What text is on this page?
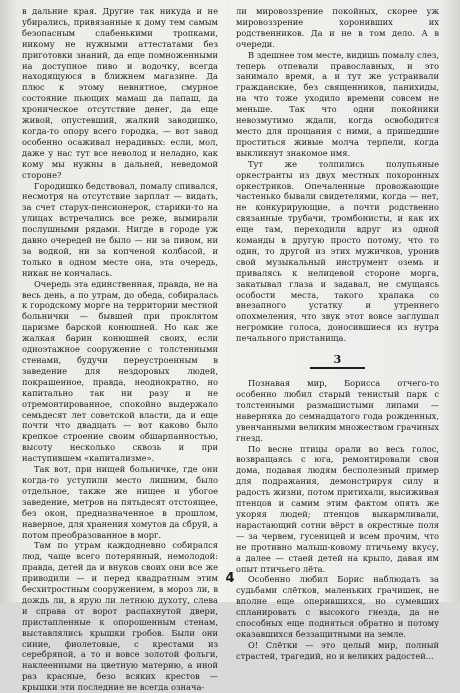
в дальние края. Другие так никуда и не убирались, привязанные к дому тем самым безопасным слабенькими тропками, никому не нужными аттестатами без приготовки знаний, да еще помноженными на доступное пиво и водочку, всегда находящуюся в ближнем магазине. Да плюс к этому невнятное, смурное состояние пьющих мамаш да папаш, да хроническое отсутствие денег, да еще живой, опустевший, жалкий заводишко, когда-то опору всего городка, — вот завод особенно осаживал нерадивых: если, мол, даже у нас тут все неволод и неладно, как кому мы нужны в дальней, неведомой стороне?

Городишко бедствовал, помалу спивался, несмотря на отсутствие зарплат — видать, за счет старух-пенсионерок, старики-то на улицах встречались все реже, вымирали послушными рядами. Нигде в городе уж давно очередей не было — ни за пивом, ни за водкой, ни за копченой колбасой, и только в одном месте она, эта очередь, никак не кончалась.

Очередь эта единственная, правда, не на весь день, а по утрам, до обеда, собиралась к городскому морге на территории местной больнички — бывшей при проклятом царизме барской конюшней. Но как же жалкая барин конюшней своих, если одноэтажное сооружение с толстенными стенами, будучи переустроенным в заведение для нездоровых людей, покрашенное, правда, неоднократно, но капитально так ни разу и не отремонтированное, спокойно выдержало семьдесят лет советской власти, да и еще почти что двадцать — вот каково было крепкое строение своим обшарпанностью, высоту несколько сквозь и при наступившем «капитализме».

Так вот, при нищей больничке, где они когда-то уступили место лишним, было отдельное, также же нищее и убогое заведение, метров на пятьдесят отстоящее, без окон, предназначенное в прошлом, наверное, для хранения хомутов да сбруй, а потом преобразованное в морг.

Там по утрам каждодневно собирался люд, чаще всего потерянный, немолодой: правда, детей да и внуков своих они все же приводили — и перед квадратным этим бесхитростным сооружением, в мороз ли, в дождь ли, в ярую ли летнюю духоту, слева и справа от ворот распахнутой двери, пристапленные к опорошенным стенам, выставлялись крышки гробов. Были они синие, фиолетовые, с крестами из серебряной, а то и вовсе золотой фольги, наклеенными на цветную материю, а иной раз красные, безо всяких крестов — крышки эти последние не всегда означа-

ли мировоззрение покойных, скорее уж мировоззрение хоронивших их родственников. Да и не в том дело. А в очереди.

В здешнее том месте, видишь помалу слез, теперь отпевали православных, и это занимало время, а и тут же устраивали гражданские, без священников, панихиды, на что тоже уходило времени совсем не меньше. Так что одни покойники невозмутимо ждали, когда освободится место для прощания с ними, а пришедшие проститься живые молча терпели, когда выкликнут знакомое имя.

Тут же толпились полупьяные оркестранты из двух местных похоронных оркестриков. Опечаленные провожающие частенько бывали свидетелями, когда — нет, не конкурирующие, а почти родственно связанные трубачи, тромбонисты, и как их еще там, переходили вдруг из одной команды в другую просто потому, что то один, то другой из этих мужичков, уронив свой музыкальный инструмент оземь и привалясь к нелицевой стороне морга, закатывал глаза и задавал, не смущаясь особости места, такого храпака со внезапного устатку и утреннего опохмеления, что звук этот вовсе заглушал негромкие голоса, доносившиеся из нутра печального пристанища.

3

Познавая мир, Борисса отчего-то особенно любил старый тенистый парк с толстенными размашистыми липами — наверняка до семнадцатого года рожденных, увенчанными великим множеством грачиных гнезд.

По весне птицы орали во весь голос, возвращаясь с юга, ремонтировали свои дома, подавая людям бесполезный пример для подражания, демонстрируя силу и радость жизни, потом притихали, высиживая птенцов и самим этим фактом опять же укоряя людей; птенцов выкармливали, нарастающий сотни вёрст в окрестные поля — за червем, гусеницей и всем прочим, что не противно малыш-ковому птичьему вкусу, а далее — стаей детей на крыло, давая им опыт птичьего лёта.

Особенно любил Борис наблюдать за судьбами слётков, маленьких грачишек, не вполне еще оперившихся, но сумевших спланировать с высокого гнезда, да не способных еще подняться обратно и потому оказавшихся беззащитными на земле.

О! Слётки — это целый мир, полный страстей, трагедий, но и великих радостей...

4
